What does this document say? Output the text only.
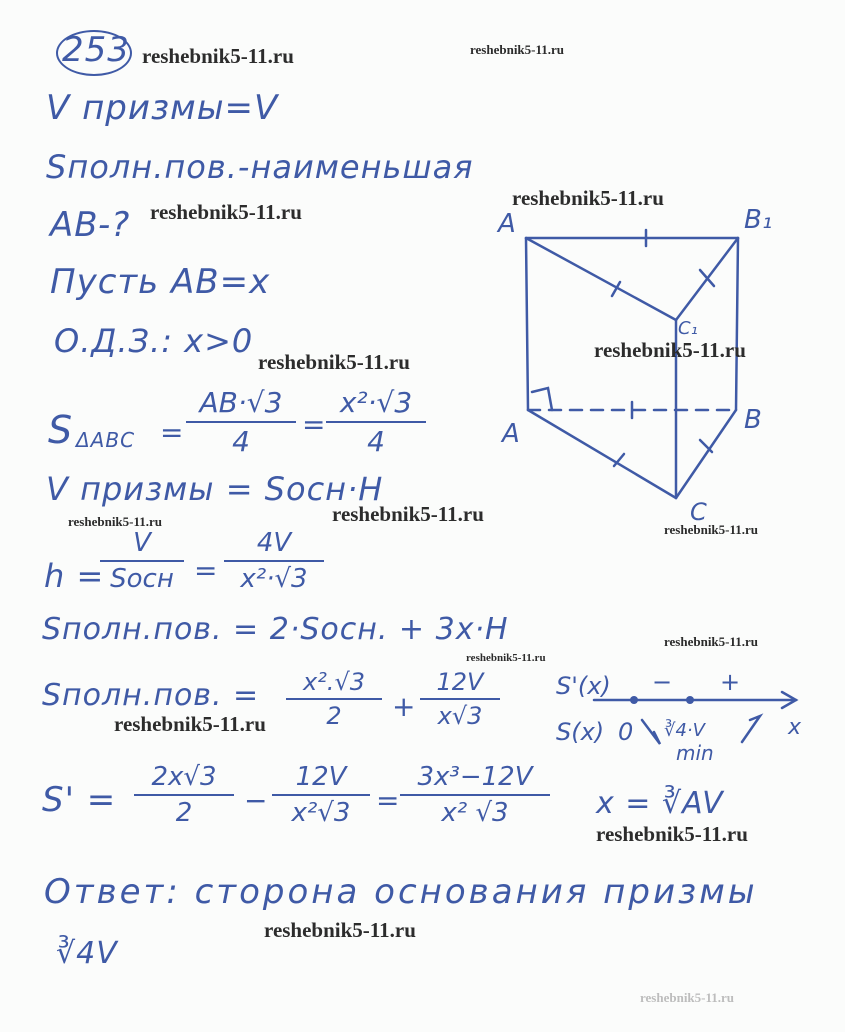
253
V призмы=V
Sполн.пов.-наименьшая
AB-?
Пусть AB=x
О.Д.З.: x>0
S ΔABC =
AB·√3
4
=
x²·√3
4
V призмы = Sосн·H
h =
V
Sосн =
4V
x²·√3
Sполн.пов. = 2·Sосн. + 3x·H
Sполн.пов. =	x².√3
2	+
12V
x√3
S' =
2x√3
2	−
12V
x²√3 =
3x³−12V
x² √3	x = ∛AV
Ответ: сторона основания призмы
∛4V
A	B₁
C₁
A	B
C
S'(x)
S(x)
− +
0 ∛4·V	x
min
reshebnik5-11.ru	reshebnik5-11.ru
reshebnik5-11.ru
reshebnik5-11.ru
reshebnik5-11.ru
reshebnik5-11.ru
reshebnik5-11.ru	reshebnik5-11.ru
reshebnik5-11.ru
reshebnik5-11.ru
reshebnik5-11.ru
reshebnik5-11.ru
reshebnik5-11.ru
reshebnik5-11.ru
reshebnik5-11.ru
